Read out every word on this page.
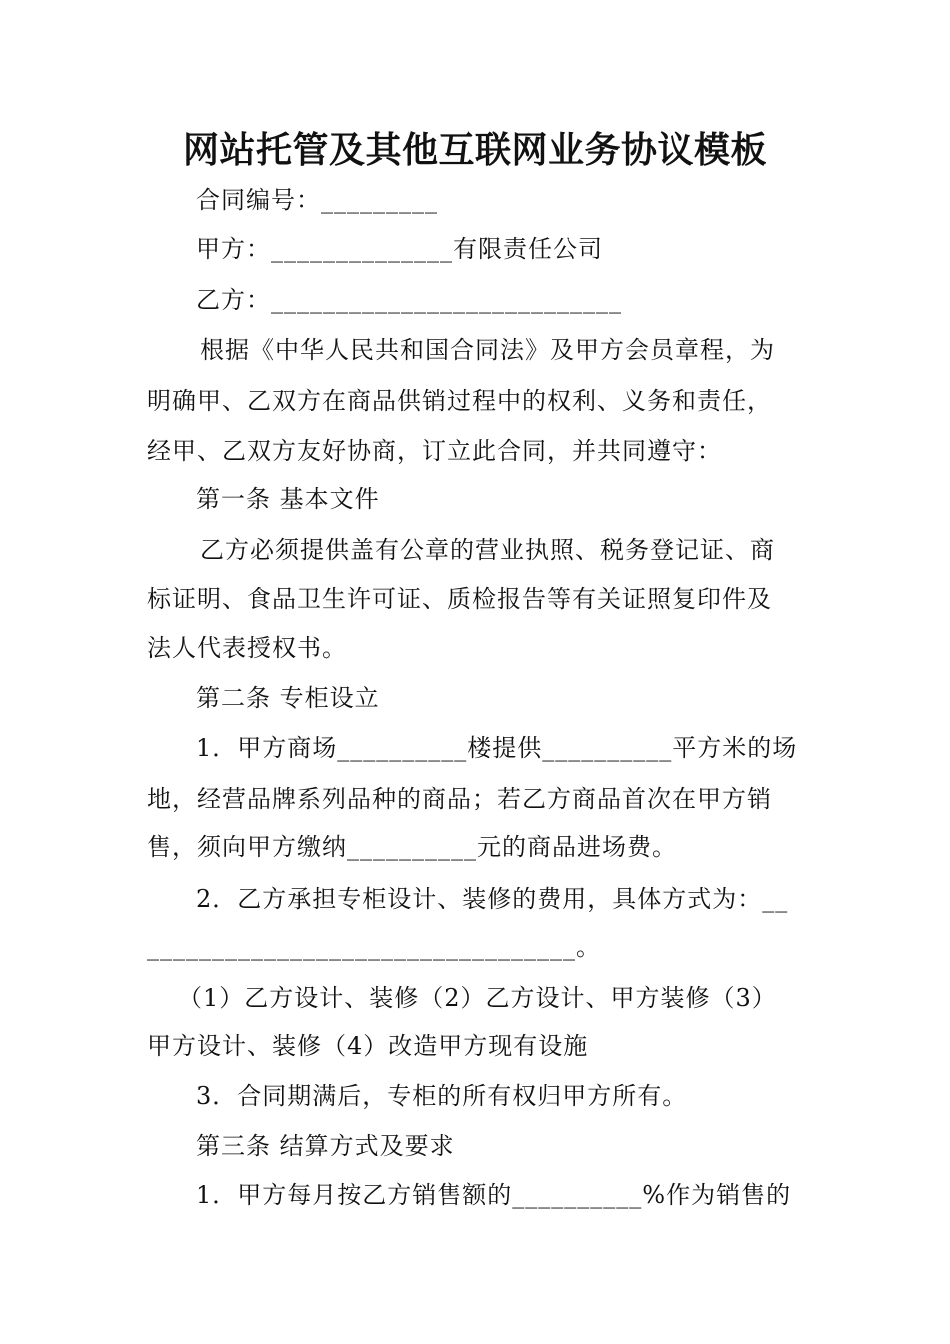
网站托管及其他互联网业务协议模板

合同编号：_________

甲方：______________有限责任公司

乙方：___________________________

根据《中华人民共和国合同法》及甲方会员章程，为

明确甲、乙双方在商品供销过程中的权利、义务和责任，

经甲、乙双方友好协商，订立此合同，并共同遵守：

第一条 基本文件

乙方必须提供盖有公章的营业执照、税务登记证、商

标证明、食品卫生许可证、质检报告等有关证照复印件及

法人代表授权书。

第二条 专柜设立

1．甲方商场__________楼提供__________平方米的场

地，经营品牌系列品种的商品；若乙方商品首次在甲方销

售，须向甲方缴纳__________元的商品进场费。

2．乙方承担专柜设计、装修的费用，具体方式为：__

_________________________________。

（1）乙方设计、装修（2）乙方设计、甲方装修（3）

甲方设计、装修（4）改造甲方现有设施

3．合同期满后，专柜的所有权归甲方所有。

第三条 结算方式及要求

1．甲方每月按乙方销售额的__________%作为销售的
